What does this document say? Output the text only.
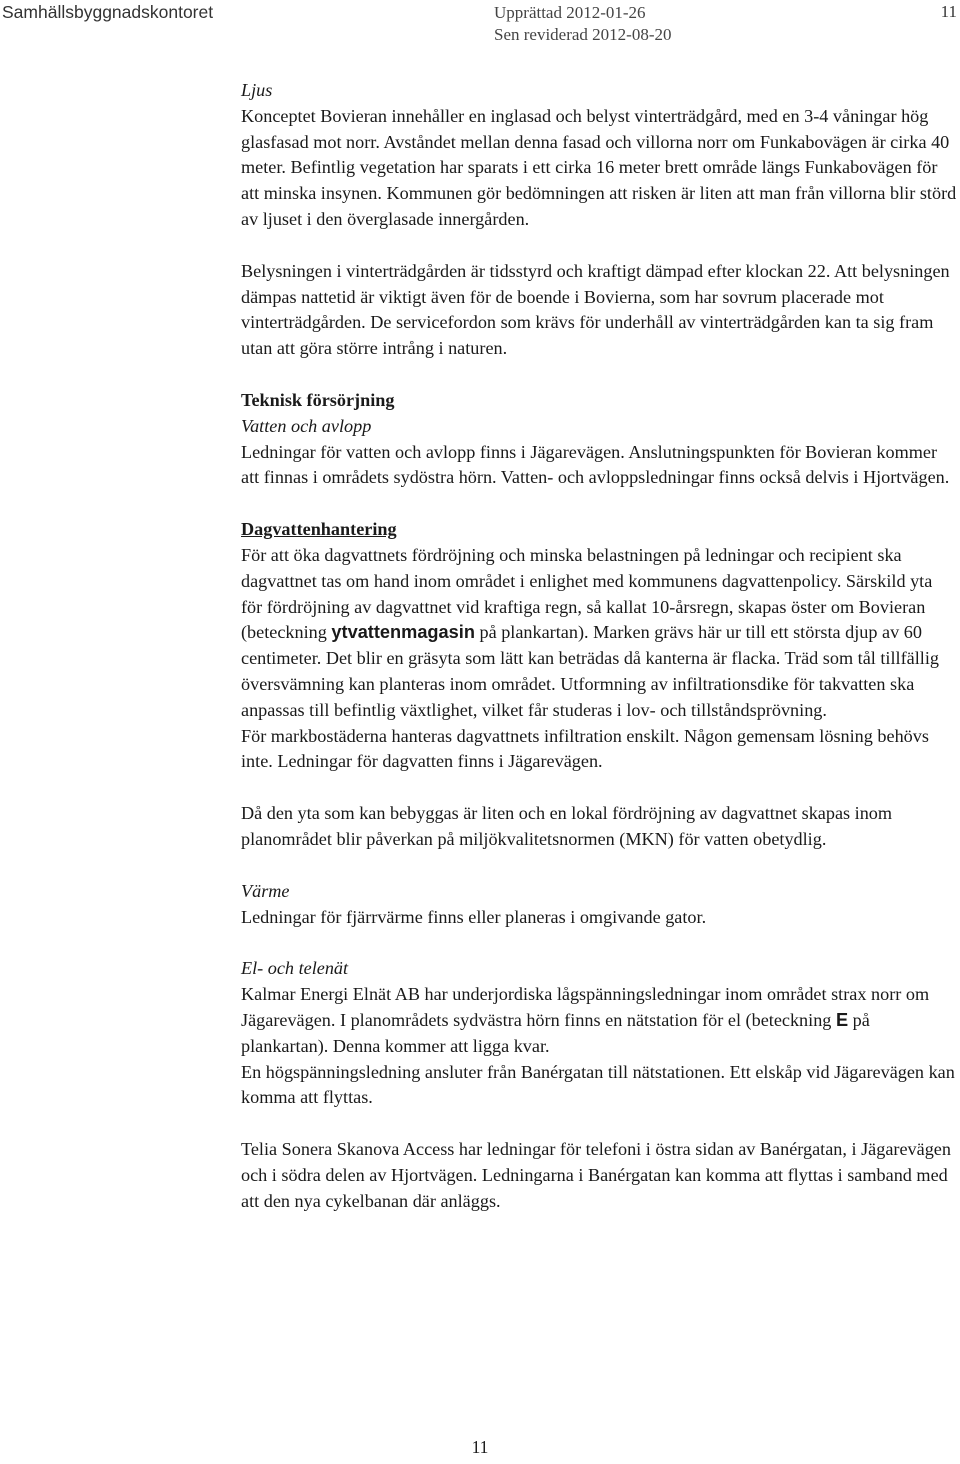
Samhällsbyggnadskontoret	Upprättad 2012-01-26
Sen reviderad 2012-08-20
11
Ljus

Konceptet Bovieran innehåller en inglasad och belyst vinterträdgård, med en 3-4 våningar hög glasfasad mot norr. Avståndet mellan denna fasad och villorna norr om Funkabovägen är cirka 40 meter. Befintlig vegetation har sparats i ett cirka 16 meter brett område längs Funkabovägen för att minska insynen. Kommunen gör bedömningen att risken är liten att man från villorna blir störd av ljuset i den överglasade innergården.

Belysningen i vinterträdgården är tidsstyrd och kraftigt dämpad efter klockan 22. Att belysningen dämpas nattetid är viktigt även för de boende i Bovierna, som har sovrum placerade mot vinterträdgården. De servicefordon som krävs för underhåll av vinterträdgården kan ta sig fram utan att göra större intrång i naturen.

Teknisk försörjning
Vatten och avlopp

Ledningar för vatten och avlopp finns i Jägarevägen. Anslutningspunkten för Bovieran kommer att finnas i områdets sydöstra hörn. Vatten- och avloppsledningar finns också delvis i Hjortvägen.

Dagvattenhantering

För att öka dagvattnets fördröjning och minska belastningen på ledningar och recipient ska dagvattnet tas om hand inom området i enlighet med kommunens dagvattenpolicy. Särskild yta för fördröjning av dagvattnet vid kraftiga regn, så kallat 10-årsregn, skapas öster om Bovieran (beteckning ytvattenmagasin på plankartan). Marken grävs här ur till ett största djup av 60 centimeter. Det blir en gräsyta som lätt kan beträdas då kanterna är flacka. Träd som tål tillfällig översvämning kan planteras inom området. Utformning av infiltrationsdike för takvatten ska anpassas till befintlig växtlighet, vilket får studeras i lov- och tillståndsprövning.
För markbostäderna hanteras dagvattnets infiltration enskilt. Någon gemensam lösning behövs inte. Ledningar för dagvatten finns i Jägarevägen.

Då den yta som kan bebyggas är liten och en lokal fördröjning av dagvattnet skapas inom planområdet blir påverkan på miljökvalitetsnormen (MKN) för vatten obetydlig.

Värme

Ledningar för fjärrvärme finns eller planeras i omgivande gator.

El- och telenät

Kalmar Energi Elnät AB har underjordiska lågspänningsledningar inom området strax norr om Jägarevägen. I planområdets sydvästra hörn finns en nätstation för el (beteckning E på plankartan). Denna kommer att ligga kvar.
En högspänningsledning ansluter från Banérgatan till nätstationen. Ett elskåp vid Jägarevägen kan komma att flyttas.

Telia Sonera Skanova Access har ledningar för telefoni i östra sidan av Banérgatan, i Jägarevägen och i södra delen av Hjortvägen. Ledningarna i Banérgatan kan komma att flyttas i samband med att den nya cykelbanan där anläggs.

11
